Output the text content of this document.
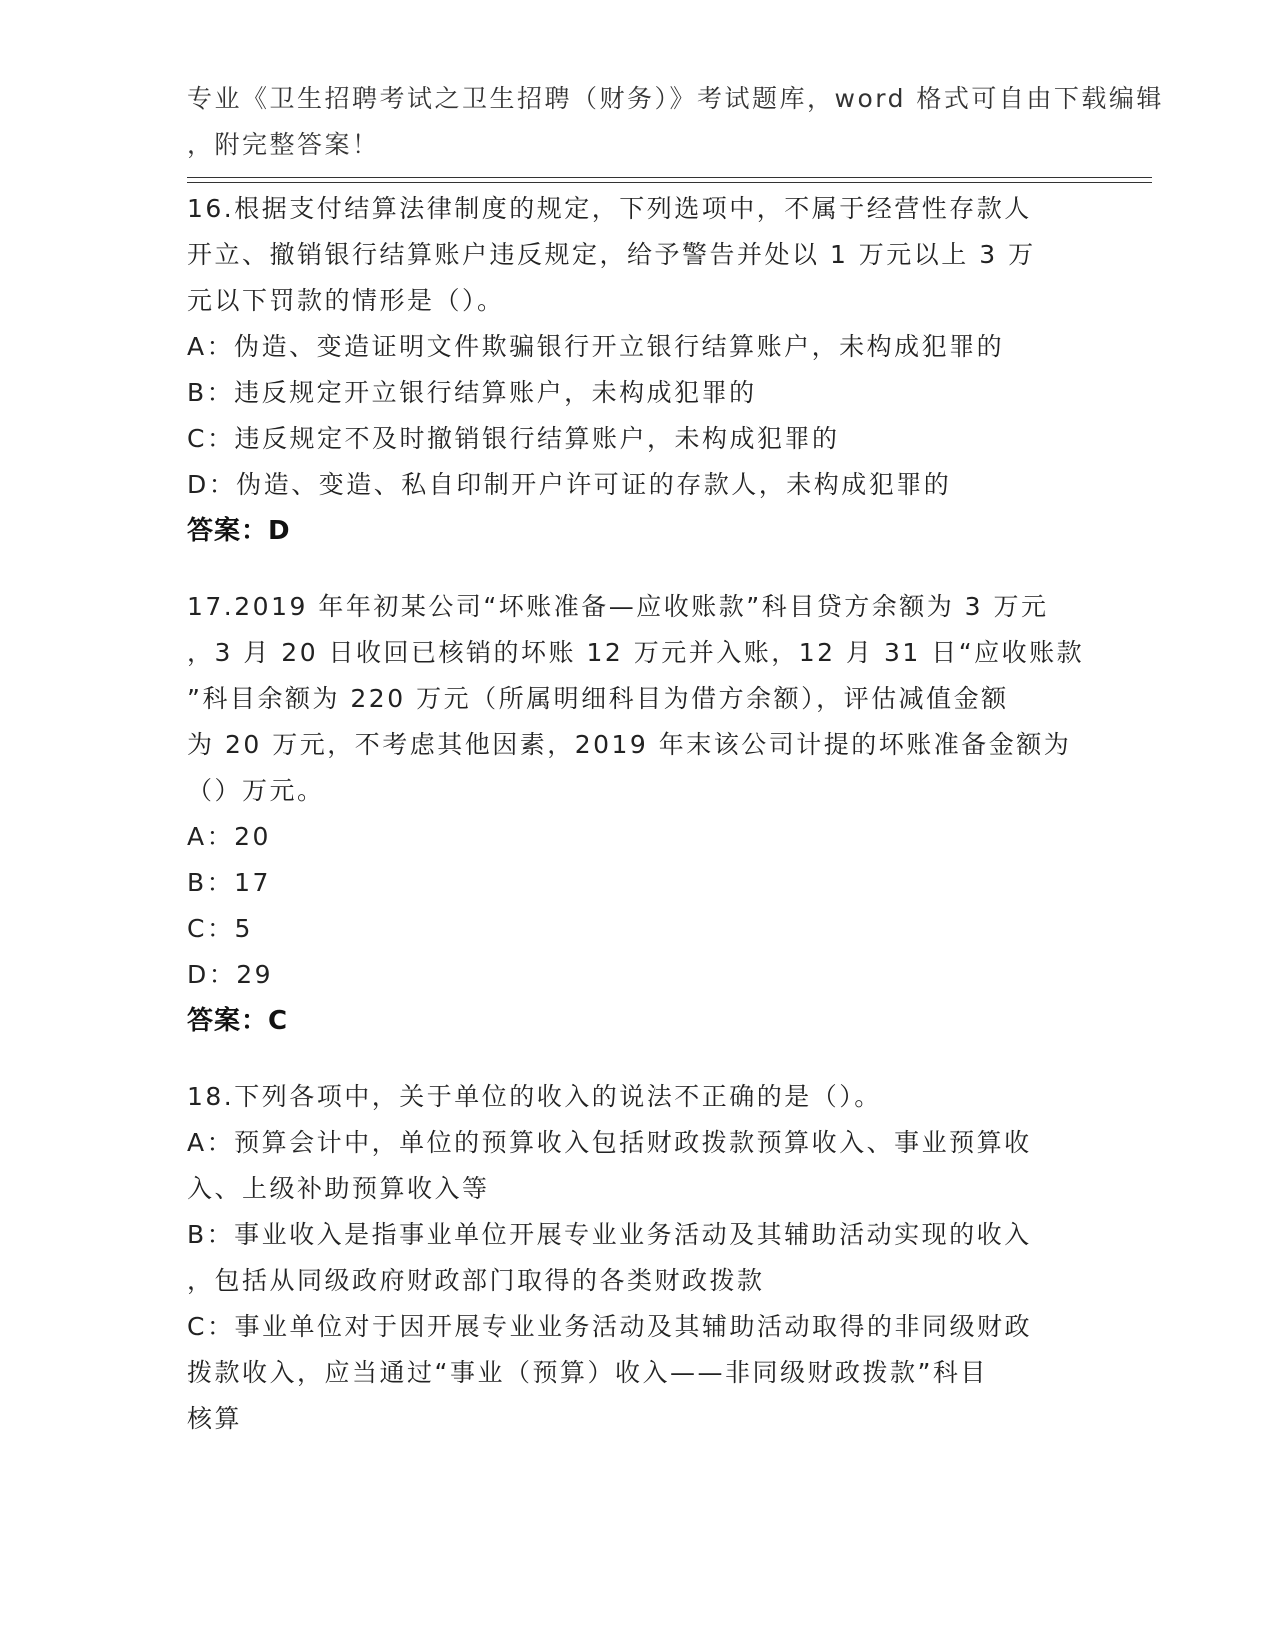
专业《卫生招聘考试之卫生招聘（财务）》考试题库，word 格式可自由下载编辑
，附完整答案！
16.根据支付结算法律制度的规定，下列选项中，不属于经营性存款人
开立、撤销银行结算账户违反规定，给予警告并处以 1 万元以上 3 万
元以下罚款的情形是（）。
A：伪造、变造证明文件欺骗银行开立银行结算账户，未构成犯罪的
B：违反规定开立银行结算账户，未构成犯罪的
C：违反规定不及时撤销银行结算账户，未构成犯罪的
D：伪造、变造、私自印制开户许可证的存款人，未构成犯罪的
答案：D
17.2019 年年初某公司“坏账准备—应收账款”科目贷方余额为 3 万元
，3 月 20 日收回已核销的坏账 12 万元并入账，12 月 31 日“应收账款
”科目余额为 220 万元（所属明细科目为借方余额），评估减值金额
为 20 万元，不考虑其他因素，2019 年末该公司计提的坏账准备金额为
（）万元。
A：20
B：17
C：5
D：29
答案：C
18.下列各项中，关于单位的收入的说法不正确的是（）。
A：预算会计中，单位的预算收入包括财政拨款预算收入、事业预算收
入、上级补助预算收入等
B：事业收入是指事业单位开展专业业务活动及其辅助活动实现的收入
，包括从同级政府财政部门取得的各类财政拨款
C：事业单位对于因开展专业业务活动及其辅助活动取得的非同级财政
拨款收入，应当通过“事业（预算）收入——非同级财政拨款”科目
核算
